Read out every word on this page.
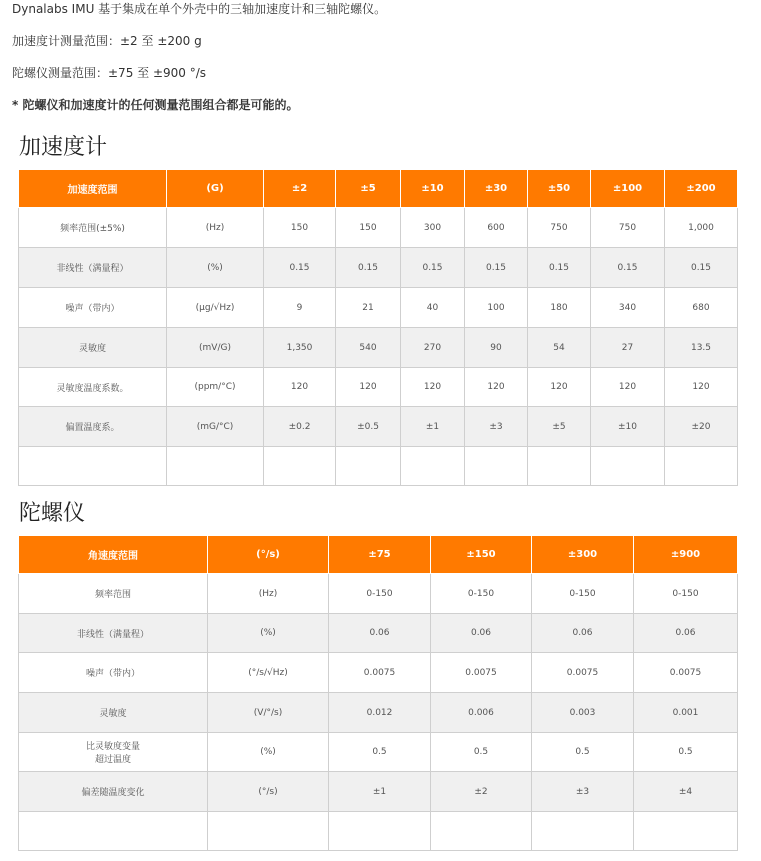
Dynalabs IMU 基于集成在单个外壳中的三轴加速度计和三轴陀螺仪。
加速度计测量范围：±2 至 ±200 g
陀螺仪测量范围：±75 至 ±900 °/s
* 陀螺仪和加速度计的任何测量范围组合都是可能的。
加速度计
加速度范围	(G)	±2	±5	±10	±30	±50	±100	±200
频率范围(±5%)	(Hz)	150	150	300	600	750	750	1,000
非线性（满量程）	(%)	0.15	0.15	0.15	0.15	0.15	0.15	0.15
噪声（带内）	(μg/√Hz)	9	21	40	100	180	340	680
灵敏度	(mV/G)	1,350	540	270	90	54	27	13.5
灵敏度温度系数。	(ppm/°C)	120	120	120	120	120	120	120
偏置温度系。	(mG/°C)	±0.2	±0.5	±1	±3	±5	±10	±20

陀螺仪
角速度范围	(°/s)	±75	±150	±300	±900
频率范围	(Hz)	0-150	0-150	0-150	0-150
非线性（满量程）	(%)	0.06	0.06	0.06	0.06
噪声（带内）	(°/s/√Hz)	0.0075	0.0075	0.0075	0.0075
灵敏度	(V/°/s)	0.012	0.006	0.003	0.001
比灵敏度变量
超过温度	(%)	0.5	0.5	0.5	0.5
偏差随温度变化	(°/s)	±1	±2	±3	±4
